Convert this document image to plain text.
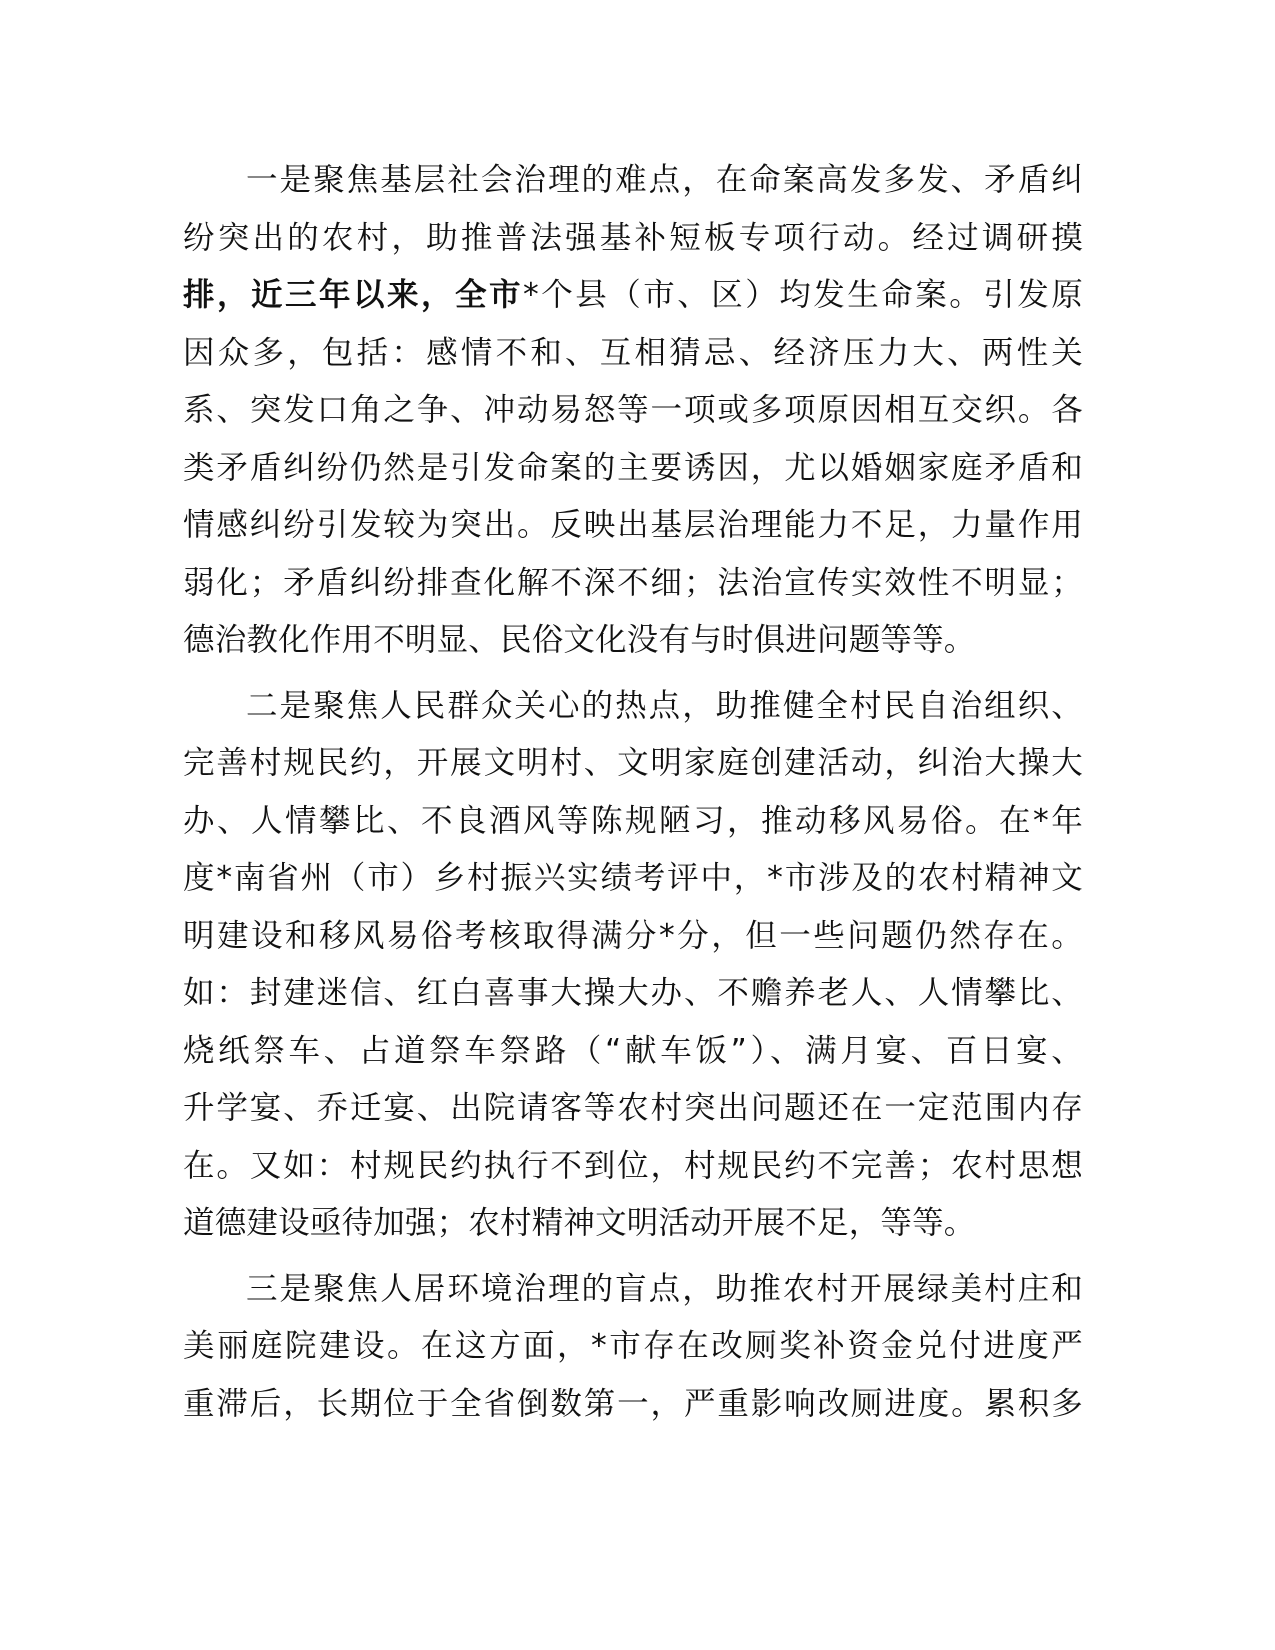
一是聚焦基层社会治理的难点，在命案高发多发、矛盾纠
纷突出的农村，助推普法强基补短板专项行动。经过调研摸
排，近三年以来，全市*个县（市、区）均发生命案。引发原
因众多，包括：感情不和、互相猜忌、经济压力大、两性关
系、突发口角之争、冲动易怒等一项或多项原因相互交织。各
类矛盾纠纷仍然是引发命案的主要诱因，尤以婚姻家庭矛盾和
情感纠纷引发较为突出。反映出基层治理能力不足，力量作用
弱化；矛盾纠纷排查化解不深不细；法治宣传实效性不明显；
德治教化作用不明显、民俗文化没有与时俱进问题等等。
二是聚焦人民群众关心的热点，助推健全村民自治组织、
完善村规民约，开展文明村、文明家庭创建活动，纠治大操大
办、人情攀比、不良酒风等陈规陋习，推动移风易俗。在*年
度*南省州（市）乡村振兴实绩考评中，*市涉及的农村精神文
明建设和移风易俗考核取得满分*分，但一些问题仍然存在。
如：封建迷信、红白喜事大操大办、不赡养老人、人情攀比、
烧纸祭车、占道祭车祭路（“献车饭”）、满月宴、百日宴、
升学宴、乔迁宴、出院请客等农村突出问题还在一定范围内存
在。又如：村规民约执行不到位，村规民约不完善；农村思想
道德建设亟待加强；农村精神文明活动开展不足，等等。
三是聚焦人居环境治理的盲点，助推农村开展绿美村庄和
美丽庭院建设。在这方面，*市存在改厕奖补资金兑付进度严
重滞后，长期位于全省倒数第一，严重影响改厕进度。累积多
